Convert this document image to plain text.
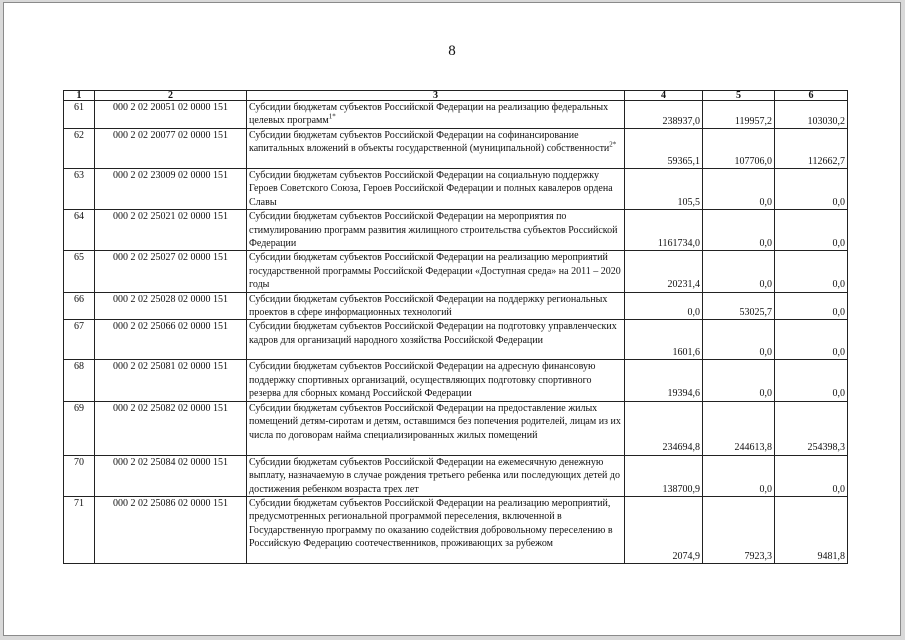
8
1	2	3	4	5	6
61	000 2 02 20051 02 0000 151	Субсидии бюджетам субъектов Российской Федерации на реализацию федеральных целевых программ$^{1*}$	238937,0	119957,2	103030,2
62	000 2 02 20077 02 0000 151	Субсидии бюджетам субъектов Российской Федерации на софинансирование капитальных вложений в объекты государственной (муниципальной) собственности$^{2*}$	59365,1	107706,0	112662,7
63	000 2 02 23009 02 0000 151	Субсидии бюджетам субъектов Российской Федерации на социальную поддержку Героев Советского Союза, Героев Российской Федерации и полных кавалеров ордена Славы	105,5	0,0	0,0
64	000 2 02 25021 02 0000 151	Субсидии бюджетам субъектов Российской Федерации на мероприятия по стимулированию программ развития жилищного строительства субъектов Российской Федерации	1161734,0	0,0	0,0
65	000 2 02 25027 02 0000 151	Субсидии бюджетам субъектов Российской Федерации на реализацию мероприятий государственной программы Российской Федерации «Доступная среда» на 2011 – 2020 годы	20231,4	0,0	0,0
66	000 2 02 25028 02 0000 151	Субсидии бюджетам субъектов Российской Федерации на поддержку региональных проектов в сфере информационных технологий	0,0	53025,7	0,0
67	000 2 02 25066 02 0000 151	Субсидии бюджетам субъектов Российской Федерации на подготовку управленческих кадров для организаций народного хозяйства Российской Федерации	1601,6	0,0	0,0
68	000 2 02 25081 02 0000 151	Субсидии бюджетам субъектов Российской Федерации на адресную финансовую поддержку спортивных организаций, осуществляющих подготовку спортивного резерва для сборных команд Российской Федерации	19394,6	0,0	0,0
69	000 2 02 25082 02 0000 151	Субсидии бюджетам субъектов Российской Федерации на предоставление жилых помещений детям-сиротам и детям, оставшимся без попечения родителей, лицам из их числа по договорам найма специализированных жилых помещений	234694,8	244613,8	254398,3
70	000 2 02 25084 02 0000 151	Субсидии бюджетам субъектов Российской Федерации на ежемесячную денежную выплату, назначаемую в случае рождения третьего ребенка или последующих детей до достижения ребенком возраста трех лет	138700,9	0,0	0,0
71	000 2 02 25086 02 0000 151	Субсидии бюджетам субъектов Российской Федерации на реализацию мероприятий, предусмотренных региональной программой переселения, включенной в Государственную программу по оказанию содействия добровольному переселению в Российскую Федерацию соотечественников, проживающих за рубежом	2074,9	7923,3	9481,8
